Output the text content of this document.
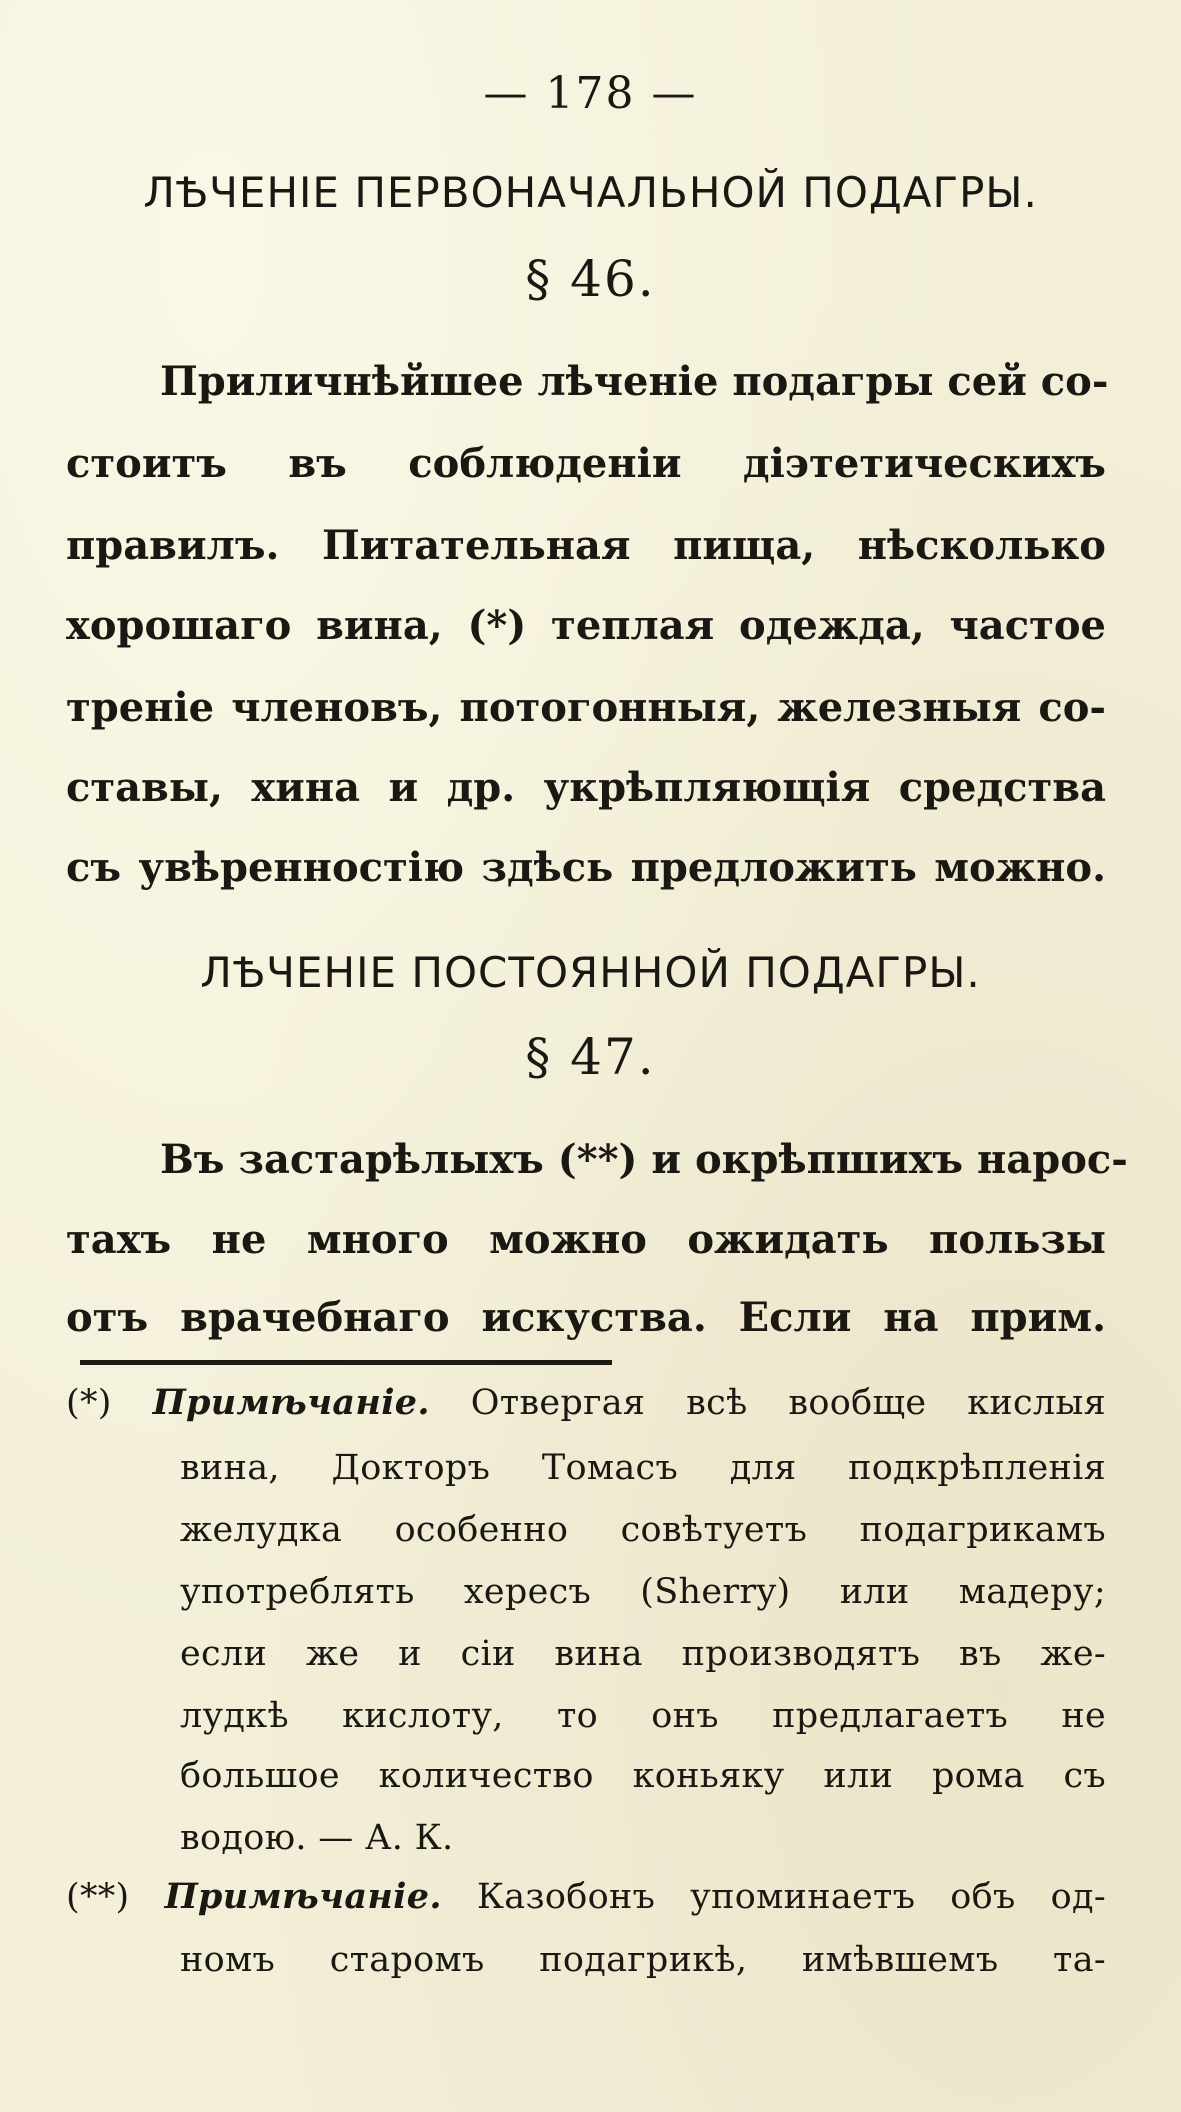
— 178 —
ЛѢЧЕНІЕ ПЕРВОНАЧАЛЬНОЙ ПОДАГРЫ.
§ 46.
Приличнѣйшее лѣченіе подагры сей со-
стоитъ въ соблюденіи діэтетическихъ
правилъ. Питательная пища, нѣсколько
хорошаго вина, (*) теплая одежда, частое
треніе членовъ, потогонныя, железныя со-
ставы, хина и др. укрѣпляющія средства
съ увѣренностію здѣсь предложить можно.
ЛѢЧЕНІЕ ПОСТОЯННОЙ ПОДАГРЫ.
§ 47.
Въ застарѣлыхъ (**) и окрѣпшихъ нарос-
тахъ не много можно ожидать пользы
отъ врачебнаго искуства. Если на прим.
(*) Примѣчаніе. Отвергая всѣ вообще кислыя
вина, Докторъ Томасъ для подкрѣпленія
желудка особенно совѣтуетъ подагрикамъ
употреблять хересъ (Sherry) или мадеру;
если же и сіи вина производятъ въ же-
лудкѣ кислоту, то онъ предлагаетъ не
большое количество коньяку или рома съ
водою. — А. К.
(**) Примѣчаніе. Казобонъ упоминаетъ объ од-
номъ старомъ подагрикѣ, имѣвшемъ та-
